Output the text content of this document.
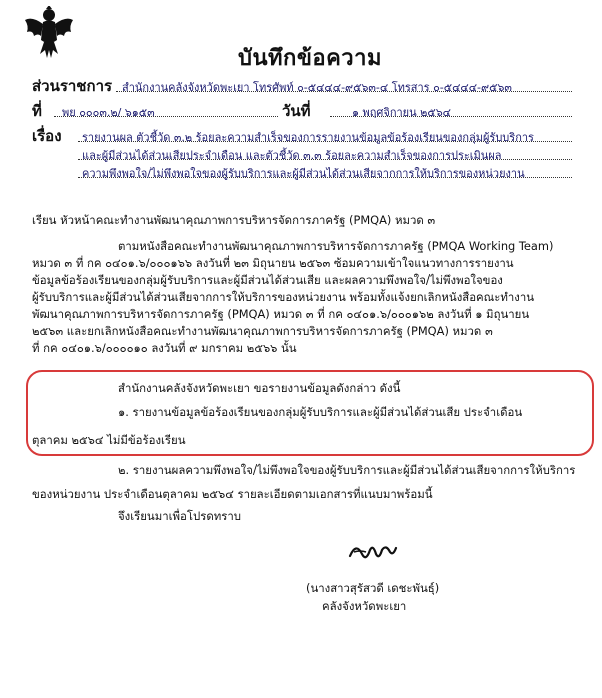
บันทึกข้อความ
ส่วนราชการ สำนักงานคลังจังหวัดพะเยา โทรศัพท์ ๐-๕๔๔๔-๙๕๖๓-๔ โทรสาร ๐-๕๔๔๔-๙๕๖๓
ที่ พย ๐๐๐๓.๒/ ๖๑๕๓	วันที่	๑ พฤศจิกายน ๒๕๖๔
เรื่อง รายงานผล ตัวชี้วัด ๓.๒ ร้อยละความสำเร็จของการรายงานข้อมูลข้อร้องเรียนของกลุ่มผู้รับบริการ
และผู้มีส่วนได้ส่วนเสียประจำเดือน และตัวชี้วัด ๓.๓ ร้อยละความสำเร็จของการประเมินผล
ความพึงพอใจ/ไม่พึงพอใจของผู้รับบริการและผู้มีส่วนได้ส่วนเสียจากการให้บริการของหน่วยงาน
เรียน หัวหน้าคณะทำงานพัฒนาคุณภาพการบริหารจัดการภาครัฐ (PMQA) หมวด ๓
ตามหนังสือคณะทำงานพัฒนาคุณภาพการบริหารจัดการภาครัฐ (PMQA Working Team)
หมวด ๓ ที่ กค ๐๔๐๑.๖/๐๐๐๑๖๖ ลงวันที่ ๒๓ มิถุนายน ๒๕๖๓ ซ้อมความเข้าใจแนวทางการรายงาน
ข้อมูลข้อร้องเรียนของกลุ่มผู้รับบริการและผู้มีส่วนได้ส่วนเสีย และผลความพึงพอใจ/ไม่พึงพอใจของ
ผู้รับบริการและผู้มีส่วนได้ส่วนเสียจากการให้บริการของหน่วยงาน พร้อมทั้งแจ้งยกเลิกหนังสือคณะทำงาน
พัฒนาคุณภาพการบริหารจัดการภาครัฐ (PMQA) หมวด ๓ ที่ กค ๐๔๐๑.๖/๐๐๐๑๖๒ ลงวันที่ ๑ มิถุนายน
๒๕๖๓ และยกเลิกหนังสือคณะทำงานพัฒนาคุณภาพการบริหารจัดการภาครัฐ (PMQA) หมวด ๓
ที่ กค ๐๔๐๑.๖/๐๐๐๐๑๐ ลงวันที่ ๙ มกราคม ๒๕๖๖ นั้น
สำนักงานคลังจังหวัดพะเยา ขอรายงานข้อมูลดังกล่าว ดังนี้
๑. รายงานข้อมูลข้อร้องเรียนของกลุ่มผู้รับบริการและผู้มีส่วนได้ส่วนเสีย ประจำเดือน
ตุลาคม ๒๕๖๔ ไม่มีข้อร้องเรียน
๒. รายงานผลความพึงพอใจ/ไม่พึงพอใจของผู้รับบริการและผู้มีส่วนได้ส่วนเสียจากการให้บริการ
ของหน่วยงาน ประจำเดือนตุลาคม ๒๕๖๔ รายละเอียดตามเอกสารที่แนบมาพร้อมนี้
จึงเรียนมาเพื่อโปรดทราบ
(นางสาวสุรัสวดี เดชะพันธุ์)
คลังจังหวัดพะเยา
